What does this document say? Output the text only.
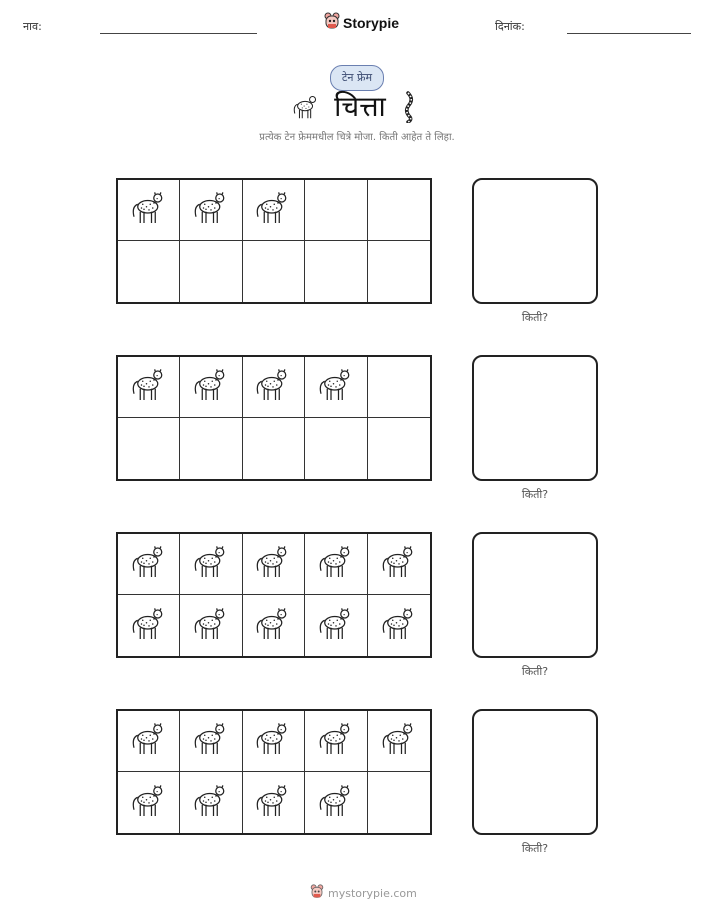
नाव:	Storypie	दिनांक:
टेन फ्रेम
चित्ता
प्रत्येक टेन फ्रेममधील चित्रे मोजा. किती आहेत ते लिहा.
किती?
किती?
किती?
किती?
mystorypie.com
